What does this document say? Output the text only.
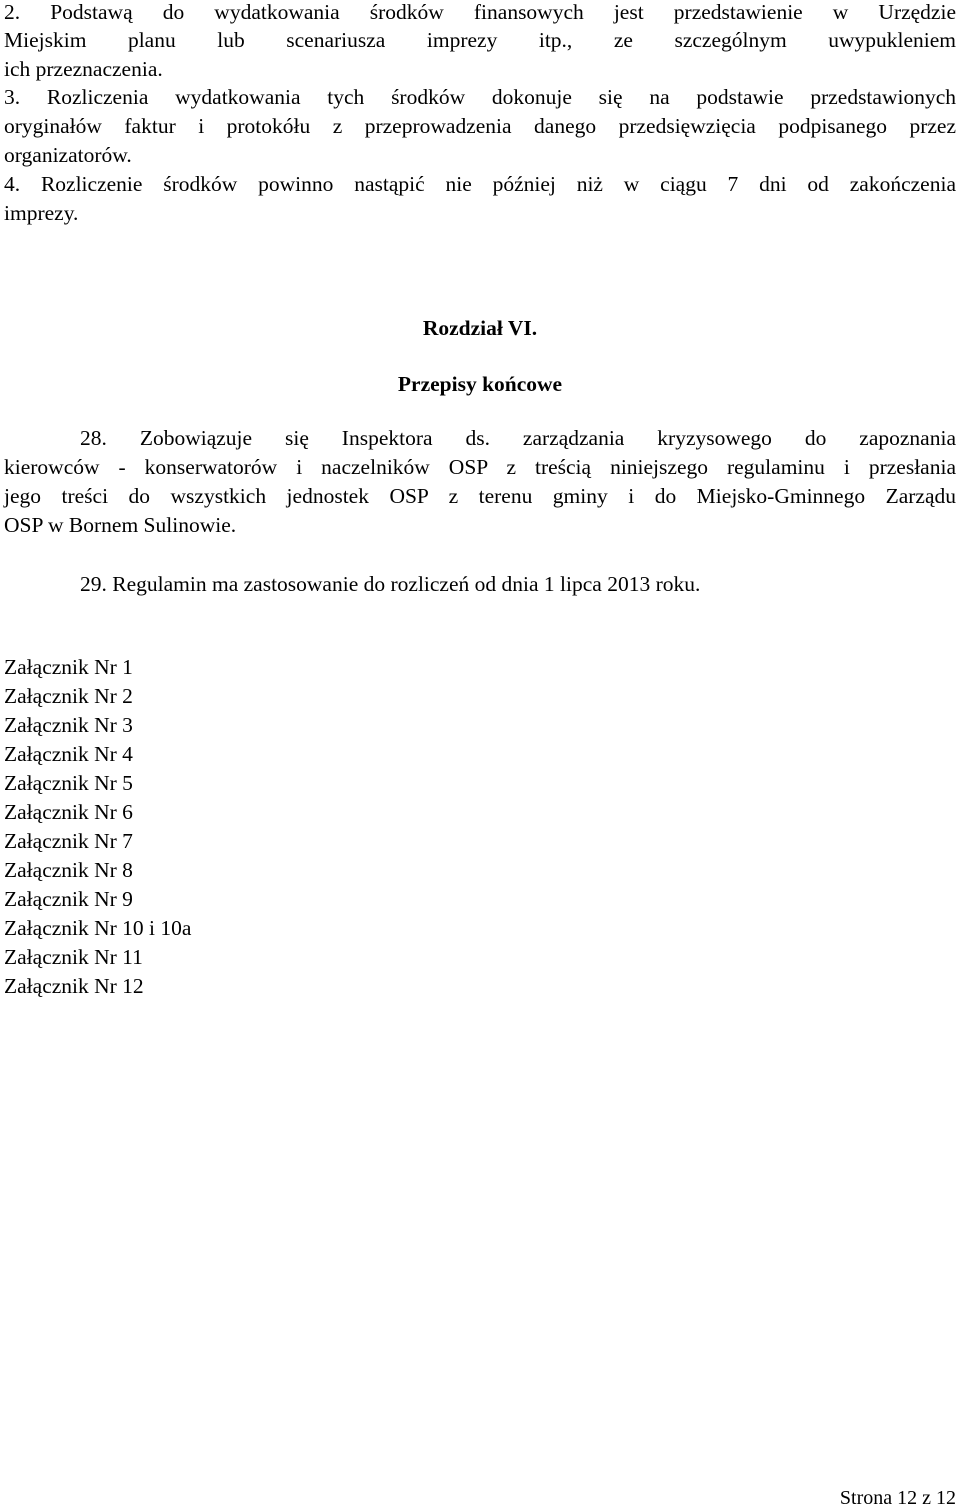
2. Podstawą do wydatkowania środków finansowych jest przedstawienie w Urzędzie
Miejskim planu lub scenariusza imprezy itp., ze szczególnym uwypukleniem
ich przeznaczenia.
3. Rozliczenia wydatkowania tych środków dokonuje się na podstawie przedstawionych
oryginałów faktur i protokółu z przeprowadzenia danego przedsięwzięcia podpisanego przez
organizatorów.
4. Rozliczenie środków powinno nastąpić nie później niż w ciągu 7 dni od zakończenia
imprezy.
Rozdział VI.
Przepisy końcowe
28. Zobowiązuje się Inspektora ds. zarządzania kryzysowego do zapoznania
kierowców - konserwatorów i naczelników OSP z treścią niniejszego regulaminu i przesłania
jego treści do wszystkich jednostek OSP z terenu gminy i do Miejsko-Gminnego Zarządu
OSP w Bornem Sulinowie.
29. Regulamin ma zastosowanie do rozliczeń od dnia 1 lipca 2013 roku.
Załącznik Nr 1
Załącznik Nr 2
Załącznik Nr 3
Załącznik Nr 4
Załącznik Nr 5
Załącznik Nr 6
Załącznik Nr 7
Załącznik Nr 8
Załącznik Nr 9
Załącznik Nr 10 i 10a
Załącznik Nr 11
Załącznik Nr 12
Strona 12 z 12
